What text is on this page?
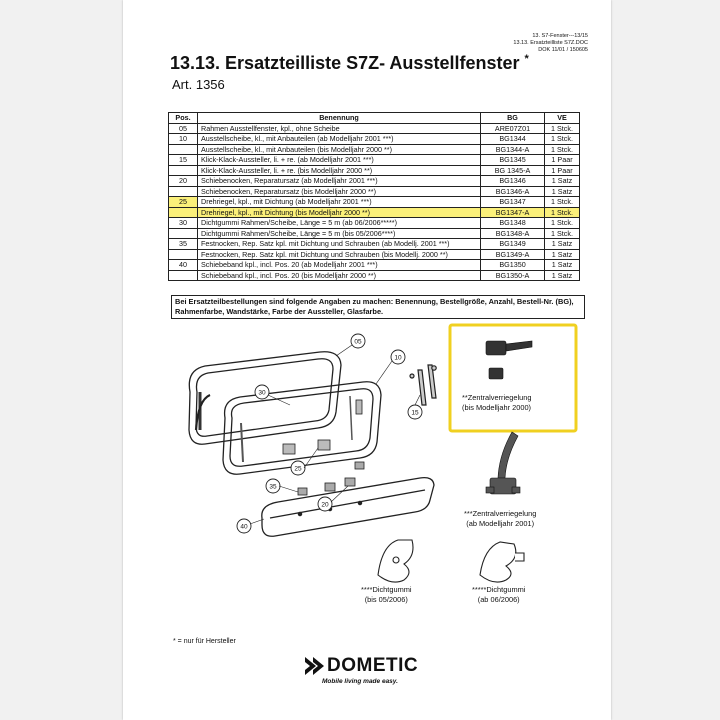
13. S7-Fenster---13/15
13.13. Ersatzteilliste S7Z.DOC
DOK 11/01 / 150605
13.13. Ersatzteilliste S7Z- Ausstellfenster *
Art. 1356
Pos.	Benennung	BG	VE
05	Rahmen Ausstellfenster, kpl., ohne Scheibe	ARE07Z01	1 Stck.
10	Ausstellscheibe, kl., mit Anbauteilen (ab Modelljahr 2001 ***)	BG1344	1 Stck.
	Ausstellscheibe, kl., mit Anbauteilen (bis Modelljahr 2000 **)	BG1344-A	1 Stck.
15	Klick-Klack-Aussteller, li. + re. (ab Modelljahr 2001 ***)	BG1345	1 Paar
	Klick-Klack-Aussteller, li. + re. (bis Modelljahr 2000 **)	BG 1345-A	1 Paar
20	Schiebenocken, Reparatursatz (ab Modelljahr 2001 ***)	BG1346	1 Satz
	Schiebenocken, Reparatursatz (bis Modelljahr 2000 **)	BG1346-A	1 Satz
25	Drehriegel, kpl., mit Dichtung (ab Modelljahr 2001 ***)	BG1347	1 Stck.
	Drehriegel, kpl., mit Dichtung (bis Modelljahr 2000 **)	BG1347-A	1 Stck.
30	Dichtgummi Rahmen/Scheibe, Länge = 5 m (ab 06/2006*****)	BG1348	1 Stck.
	Dichtgummi Rahmen/Scheibe, Länge = 5 m (bis 05/2006****)	BG1348-A	1 Stck.
35	Festnocken, Rep. Satz kpl. mit Dichtung und Schrauben (ab Modellj. 2001 ***)	BG1349	1 Satz
	Festnocken, Rep. Satz kpl. mit Dichtung und Schrauben (bis Modellj. 2000 **)	BG1349-A	1 Satz
40	Schiebeband kpl., incl. Pos. 20 (ab Modelljahr 2001 ***)	BG1350	1 Satz
	Schiebeband kpl., incl. Pos. 20 (bis Modelljahr 2000 **)	BG1350-A	1 Satz
Bei Ersatzteilbestellungen sind folgende Angaben zu machen: Benennung, Bestellgröße, Anzahl, Bestell-Nr. (BG), Rahmenfarbe, Wandstärke, Farbe der Aussteller, Glasfarbe.
05
10
15
30
25
20
35
40
**Zentralverriegelung
(bis Modelljahr 2000)
***Zentralverriegelung
(ab Modelljahr 2001)
****Dichtgummi
(bis 05/2006)
*****Dichtgummi
(ab 06/2006)
* = nur für Hersteller
DOMETIC
Mobile living made easy.
